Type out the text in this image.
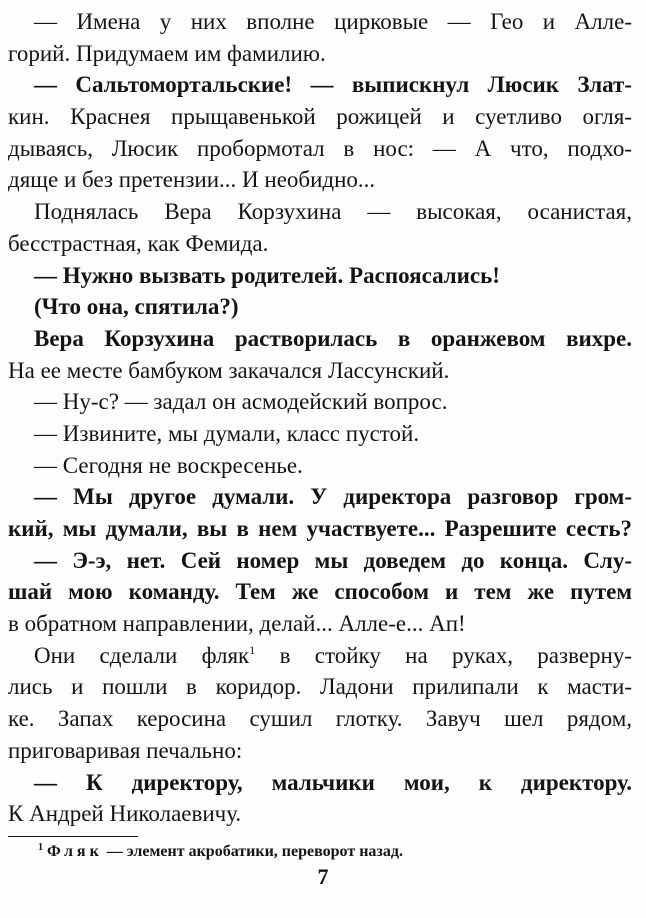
— Имена у них вполне цирковые — Гео и Алле-
горий. Придумаем им фамилию.
— Сальтомортальские! — выпискнул Люсик Злат-
кин. Краснея прыщавенькой рожицей и суетливо огля-
дываясь, Люсик пробормотал в нос: — А что, подхо-
дяще и без претензии... И необидно...
Поднялась Вера Корзухина — высокая, осанистая,
бесстрастная, как Фемида.
— Нужно вызвать родителей. Распоясались!
(Что она, спятила?)
Вера Корзухина растворилась в оранжевом вихре.
На ее месте бамбуком закачался Лассунский.
— Ну-с? — задал он асмодейский вопрос.
— Извините, мы думали, класс пустой.
— Сегодня не воскресенье.
— Мы другое думали. У директора разговор гром-
кий, мы думали, вы в нем участвуете... Разрешите сесть?
— Э-э, нет. Сей номер мы доведем до конца. Слу-
шай мою команду. Тем же способом и тем же путем
в обратном направлении, делай... Алле-е... Ап!
Они сделали фляк$^1$ в стойку на руках, разверну-
лись и пошли в коридор. Ладони прилипали к масти-
ке. Запах керосина сушил глотку. Завуч шел рядом,
приговаривая печально:
— К директору, мальчики мои, к директору.
К Андрей Николаевичу.
$^1$ Фляк — элемент акробатики, переворот назад.
7
